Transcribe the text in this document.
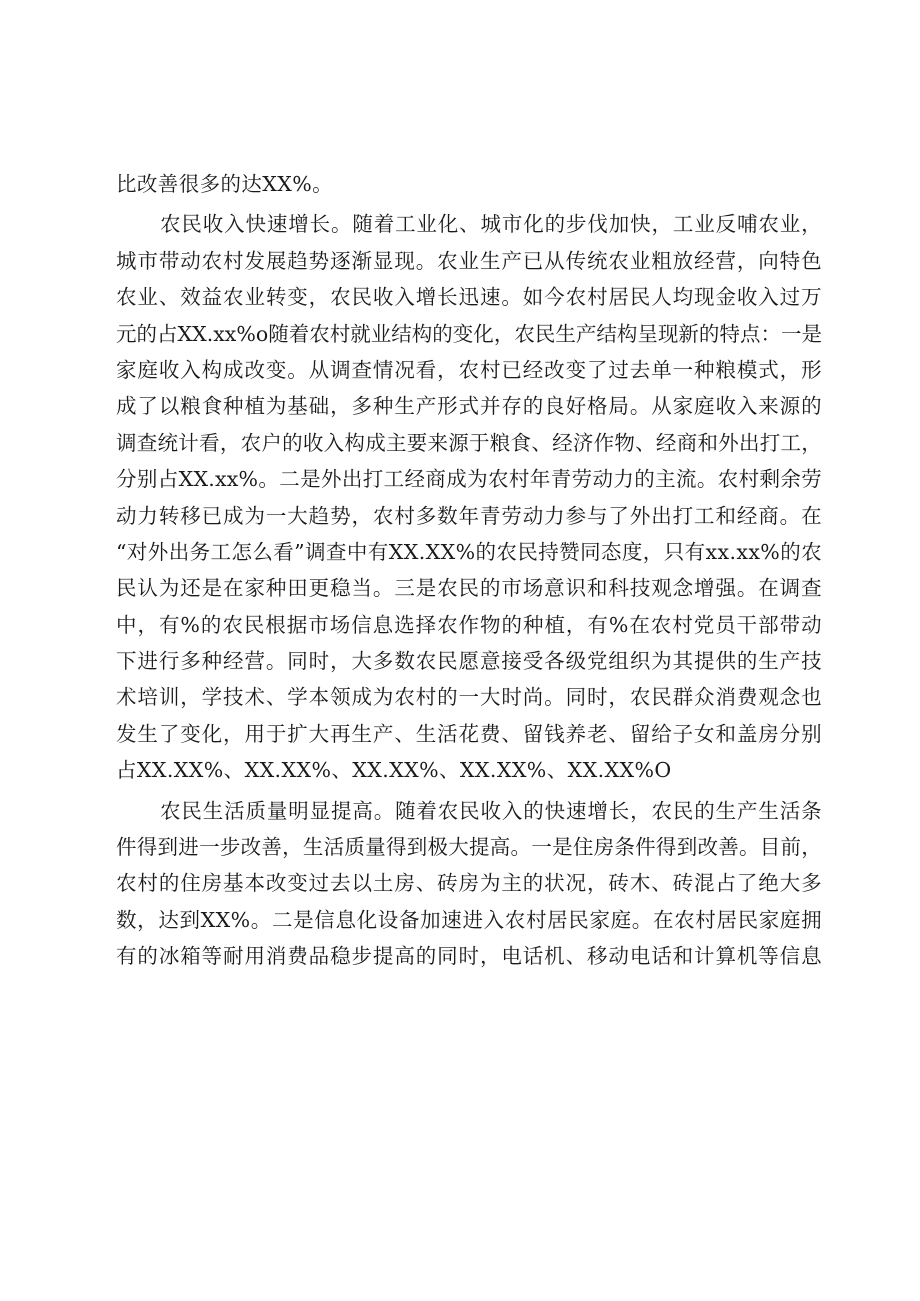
比改善很多的达XX%。
农民收入快速增长。随着工业化、城市化的步伐加快，工业反哺农业，
城市带动农村发展趋势逐渐显现。农业生产已从传统农业粗放经营，向特色
农业、效益农业转变，农民收入增长迅速。如今农村居民人均现金收入过万
元的占XX.xx%o随着农村就业结构的变化，农民生产结构呈现新的特点：一是
家庭收入构成改变。从调查情况看，农村已经改变了过去单一种粮模式，形
成了以粮食种植为基础，多种生产形式并存的良好格局。从家庭收入来源的
调查统计看，农户的收入构成主要来源于粮食、经济作物、经商和外出打工，
分别占XX.xx%。二是外出打工经商成为农村年青劳动力的主流。农村剩余劳
动力转移已成为一大趋势，农村多数年青劳动力参与了外出打工和经商。在
“对外出务工怎么看”调查中有XX.XX%的农民持赞同态度，只有xx.xx%的农
民认为还是在家种田更稳当。三是农民的市场意识和科技观念增强。在调查
中，有%的农民根据市场信息选择农作物的种植，有%在农村党员干部带动
下进行多种经营。同时，大多数农民愿意接受各级党组织为其提供的生产技
术培训，学技术、学本领成为农村的一大时尚。同时，农民群众消费观念也
发生了变化，用于扩大再生产、生活花费、留钱养老、留给子女和盖房分别
占XX.XX%、XX.XX%、XX.XX%、XX.XX%、XX.XX%O
农民生活质量明显提高。随着农民收入的快速增长，农民的生产生活条
件得到进一步改善，生活质量得到极大提高。一是住房条件得到改善。目前，
农村的住房基本改变过去以土房、砖房为主的状况，砖木、砖混占了绝大多
数，达到XX%。二是信息化设备加速进入农村居民家庭。在农村居民家庭拥
有的冰箱等耐用消费品稳步提高的同时，电话机、移动电话和计算机等信息
